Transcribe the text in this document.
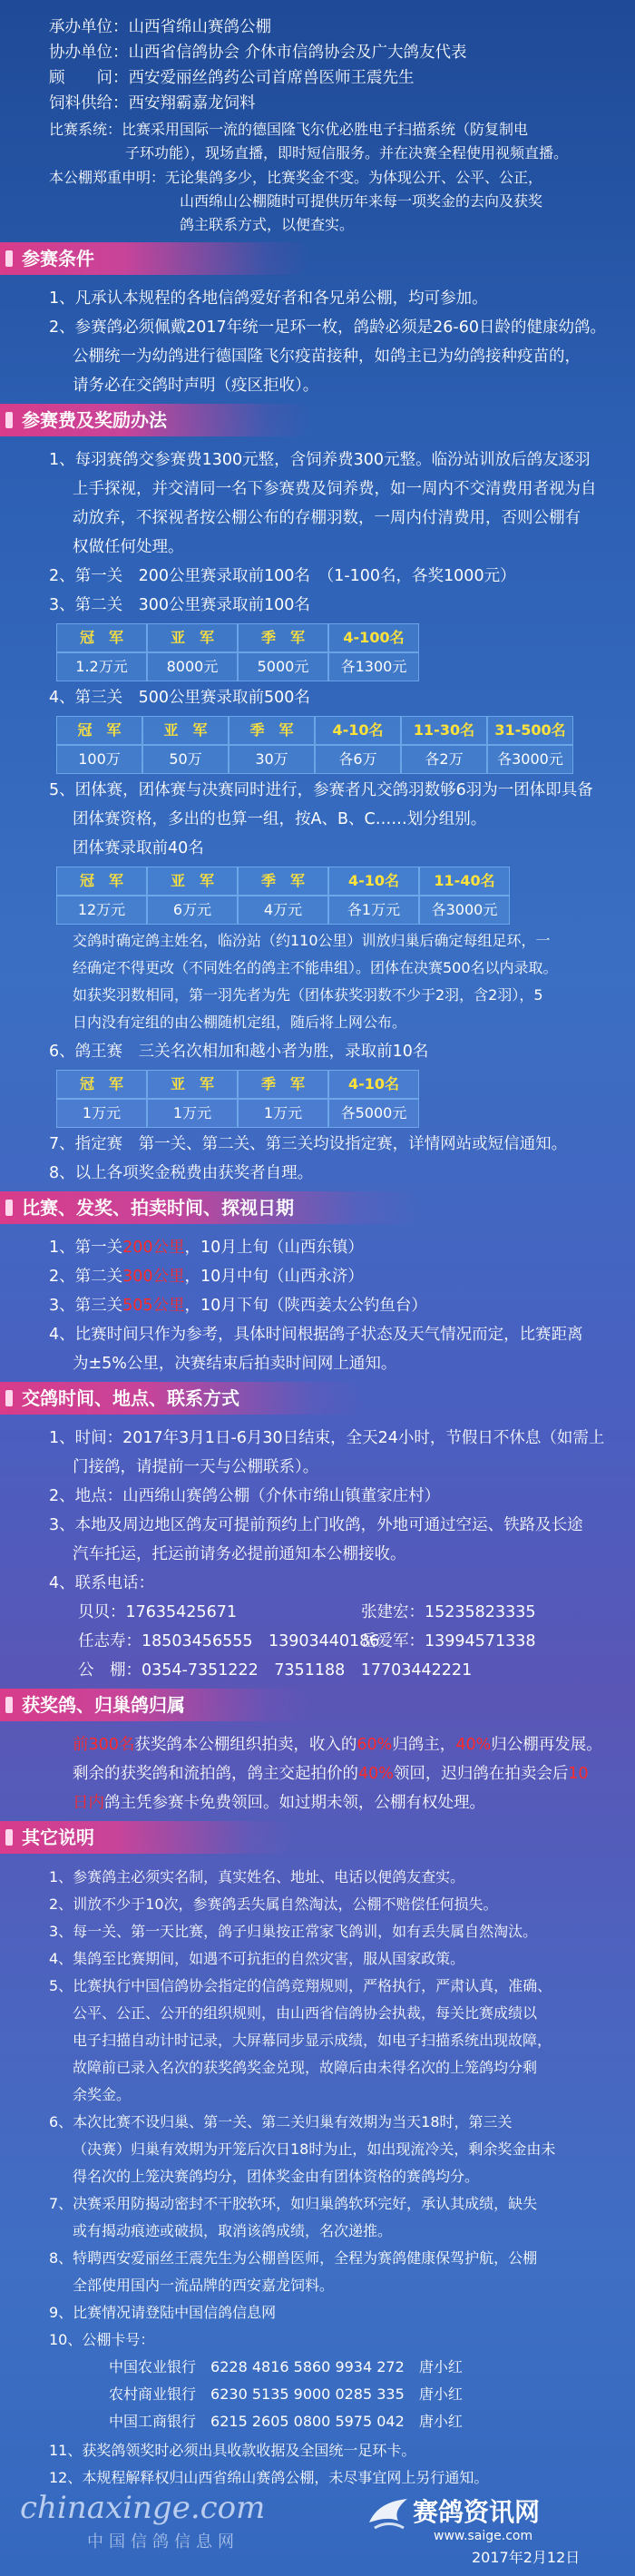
承办单位：山西省绵山赛鸽公棚
协办单位：山西省信鸽协会 介休市信鸽协会及广大鸽友代表
顾　　问：西安爱丽丝鸽药公司首席兽医师王震先生
饲料供给：西安翔霸嘉龙饲料
比赛系统：比赛采用国际一流的德国隆飞尔优必胜电子扫描系统（防复制电
子环功能），现场直播，即时短信服务。并在决赛全程使用视频直播。
本公棚郑重申明：无论集鸽多少，比赛奖金不变。为体现公开、公平、公正，
山西绵山公棚随时可提供历年来每一项奖金的去向及获奖
鸽主联系方式，以便查实。
参赛条件
1、凡承认本规程的各地信鸽爱好者和各兄弟公棚，均可参加。
2、参赛鸽必须佩戴2017年统一足环一枚，鸽龄必须是26-60日龄的健康幼鸽。
公棚统一为幼鸽进行德国隆飞尔疫苗接种，如鸽主已为幼鸽接种疫苗的，
请务必在交鸽时声明（疫区拒收）。
参赛费及奖励办法
1、每羽赛鸽交参赛费1300元整，含饲养费300元整。临汾站训放后鸽友逐羽
上手探视，并交清同一名下参赛费及饲养费，如一周内不交清费用者视为自
动放弃，不探视者按公棚公布的存棚羽数，一周内付清费用，否则公棚有
权做任何处理。
2、第一关　200公里赛录取前100名　（1-100名，各奖1000元）
3、第二关　300公里赛录取前100名
冠　军	亚　军	季　军	4-100名
1.2万元	8000元	5000元	各1300元
4、第三关　500公里赛录取前500名
冠　军	亚　军	季　军	4-10名	11-30名	31-500名
100万	50万	30万	各6万	各2万	各3000元
5、团体赛，团体赛与决赛同时进行，参赛者凡交鸽羽数够6羽为一团体即具备
团体赛资格，多出的也算一组，按A、B、C……划分组别。
团体赛录取前40名
冠　军	亚　军	季　军	4-10名	11-40名
12万元	6万元	4万元	各1万元	各3000元
交鸽时确定鸽主姓名，临汾站（约110公里）训放归巢后确定每组足环，一
经确定不得更改（不同姓名的鸽主不能串组）。团体在决赛500名以内录取。
如获奖羽数相同，第一羽先者为先（团体获奖羽数不少于2羽，含2羽），5
日内没有定组的由公棚随机定组，随后将上网公布。
6、鸽王赛　三关名次相加和越小者为胜，录取前10名
冠　军	亚　军	季　军	4-10名
1万元	1万元	1万元	各5000元
7、指定赛　第一关、第二关、第三关均设指定赛，详情网站或短信通知。
8、以上各项奖金税费由获奖者自理。
比赛、发奖、拍卖时间、探视日期
1、第一关200公里，10月上旬（山西东镇）
2、第二关300公里，10月中旬（山西永济）
3、第三关505公里，10月下旬（陕西姜太公钓鱼台）
4、比赛时间只作为参考，具体时间根据鸽子状态及天气情况而定，比赛距离
为±5%公里，决赛结束后拍卖时间网上通知。
交鸽时间、地点、联系方式
1、时间：2017年3月1日-6月30日结束，全天24小时，节假日不休息（如需上
门接鸽，请提前一天与公棚联系）。
2、地点：山西绵山赛鸽公棚（介休市绵山镇董家庄村）
3、本地及周边地区鸽友可提前预约上门收鸽，外地可通过空运、铁路及长途
汽车托运，托运前请务必提前通知本公棚接收。
4、联系电话：
贝贝：17635425671	张建宏：15235823335
任志寿：18503456555　13903440186
岳爱军：13994571338
公　棚：0354-7351222　7351188　17703442221
获奖鸽、归巢鸽归属
前300名获奖鸽本公棚组织拍卖，收入的60%归鸽主，40%归公棚再发展。
剩余的获奖鸽和流拍鸽，鸽主交起拍价的40%领回，迟归鸽在拍卖会后10
日内鸽主凭参赛卡免费领回。如过期未领，公棚有权处理。
其它说明
1、参赛鸽主必须实名制，真实姓名、地址、电话以便鸽友查实。
2、训放不少于10次，参赛鸽丢失属自然淘汰，公棚不赔偿任何损失。
3、每一关、第一天比赛，鸽子归巢按正常家飞鸽训，如有丢失属自然淘汰。
4、集鸽至比赛期间，如遇不可抗拒的自然灾害，服从国家政策。
5、比赛执行中国信鸽协会指定的信鸽竞翔规则，严格执行，严肃认真，准确、
公平、公正、公开的组织规则，由山西省信鸽协会执裁，每关比赛成绩以
电子扫描自动计时记录，大屏幕同步显示成绩，如电子扫描系统出现故障，
故障前已录入名次的获奖鸽奖金兑现，故障后由未得名次的上笼鸽均分剩
余奖金。
6、本次比赛不设归巢、第一关、第二关归巢有效期为当天18时，第三关
（决赛）归巢有效期为开笼后次日18时为止，如出现流冷关，剩余奖金由未
得名次的上笼决赛鸽均分，团体奖金由有团体资格的赛鸽均分。
7、决赛采用防揭动密封不干胶软环，如归巢鸽软环完好，承认其成绩，缺失
或有揭动痕迹或破损，取消该鸽成绩，名次递推。
8、特聘西安爱丽丝王震先生为公棚兽医师，全程为赛鸽健康保驾护航，公棚
全部使用国内一流品牌的西安嘉龙饲料。
9、比赛情况请登陆中国信鸽信息网
10、公棚卡号：
中国农业银行　 6228 4816 5860 9934 272　 唐小红
农村商业银行　 6230 5135 9000 0285 335　 唐小红
中国工商银行　 6215 2605 0800 5975 042　 唐小红
11、获奖鸽领奖时必须出具收款收据及全国统一足环卡。
12、本规程解释权归山西省绵山赛鸽公棚，未尽事宜网上另行通知。
2017年2月12日
chinaxinge.com
中国信鸽信息网
赛鸽资讯网
www.saige.com
